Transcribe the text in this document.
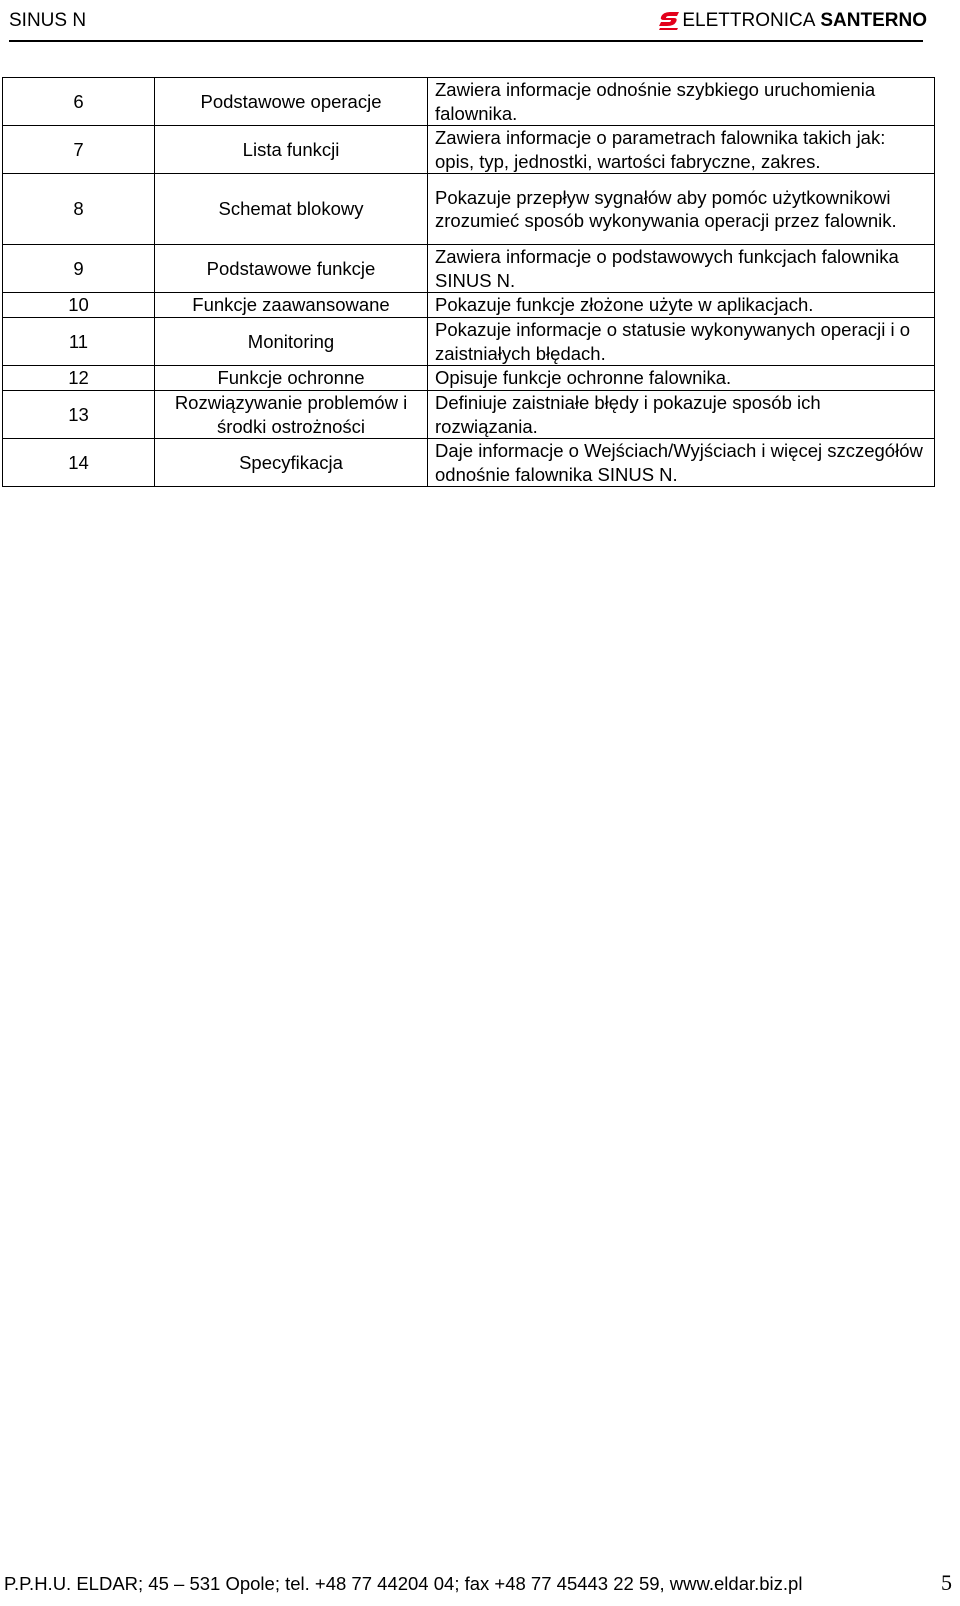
SINUS N	ELETTRONICA SANTERNO
6	Podstawowe operacje	Zawiera informacje odnośnie szybkiego uruchomienia falownika.
7	Lista funkcji	Zawiera informacje o parametrach falownika takich jak: opis, typ, jednostki, wartości fabryczne, zakres.
8	Schemat blokowy	Pokazuje przepływ sygnałów aby pomóc użytkownikowi zrozumieć sposób wykonywania operacji przez falownik.
9	Podstawowe funkcje	Zawiera informacje o podstawowych funkcjach falownika SINUS N.
10	Funkcje zaawansowane	Pokazuje funkcje złożone użyte w aplikacjach.
11	Monitoring	Pokazuje informacje o statusie wykonywanych operacji i o zaistniałych błędach.
12	Funkcje ochronne	Opisuje funkcje ochronne falownika.
13	Rozwiązywanie problemów i środki ostrożności	Definiuje zaistniałe błędy i pokazuje sposób ich rozwiązania.
14	Specyfikacja	Daje informacje o Wejściach/Wyjściach i więcej szczegółów odnośnie falownika SINUS N.
P.P.H.U. ELDAR; 45 – 531 Opole; tel. +48 77 44204 04; fax +48 77 45443 22 59, www.eldar.biz.pl	5
